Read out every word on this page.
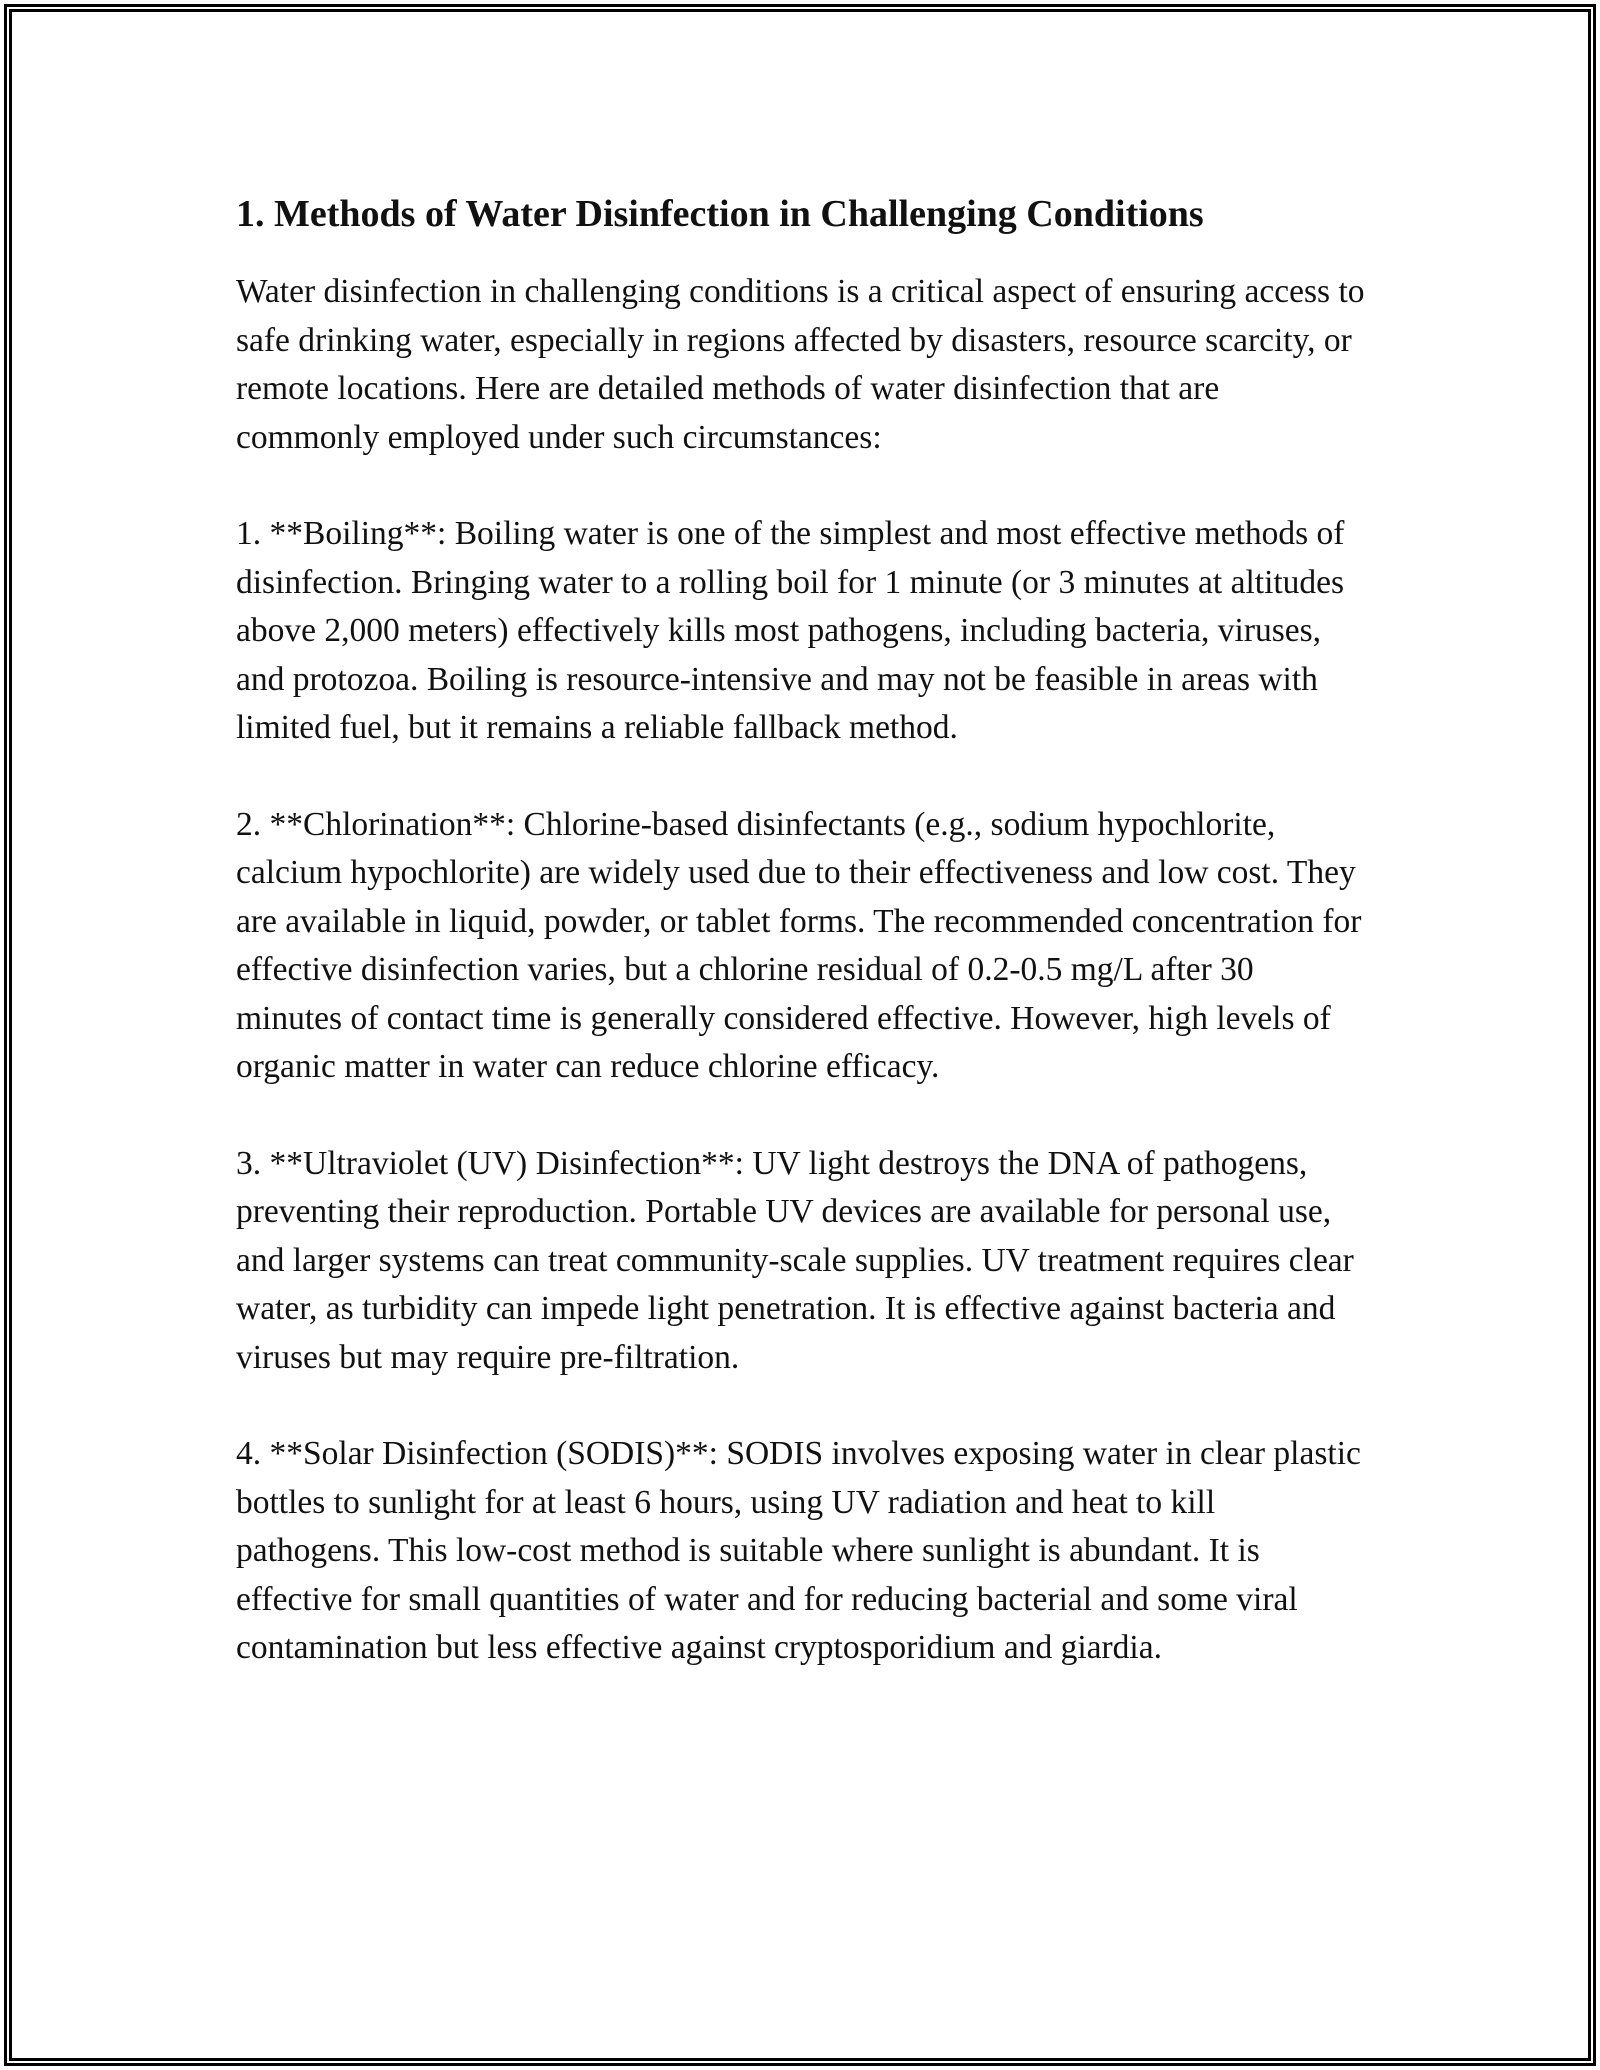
1. Methods of Water Disinfection in Challenging Conditions

Water disinfection in challenging conditions is a critical aspect of ensuring access to safe drinking water, especially in regions affected by disasters, resource scarcity, or remote locations. Here are detailed methods of water disinfection that are commonly employed under such circumstances:

1. **Boiling**: Boiling water is one of the simplest and most effective methods of disinfection. Bringing water to a rolling boil for 1 minute (or 3 minutes at altitudes above 2,000 meters) effectively kills most pathogens, including bacteria, viruses, and protozoa. Boiling is resource-intensive and may not be feasible in areas with limited fuel, but it remains a reliable fallback method.

2. **Chlorination**: Chlorine-based disinfectants (e.g., sodium hypochlorite, calcium hypochlorite) are widely used due to their effectiveness and low cost. They are available in liquid, powder, or tablet forms. The recommended concentration for effective disinfection varies, but a chlorine residual of 0.2-0.5 mg/L after 30 minutes of contact time is generally considered effective. However, high levels of organic matter in water can reduce chlorine efficacy.

3. **Ultraviolet (UV) Disinfection**: UV light destroys the DNA of pathogens, preventing their reproduction. Portable UV devices are available for personal use, and larger systems can treat community-scale supplies. UV treatment requires clear water, as turbidity can impede light penetration. It is effective against bacteria and viruses but may require pre-filtration.

4. **Solar Disinfection (SODIS)**: SODIS involves exposing water in clear plastic bottles to sunlight for at least 6 hours, using UV radiation and heat to kill pathogens. This low-cost method is suitable where sunlight is abundant. It is effective for small quantities of water and for reducing bacterial and some viral contamination but less effective against cryptosporidium and giardia.
